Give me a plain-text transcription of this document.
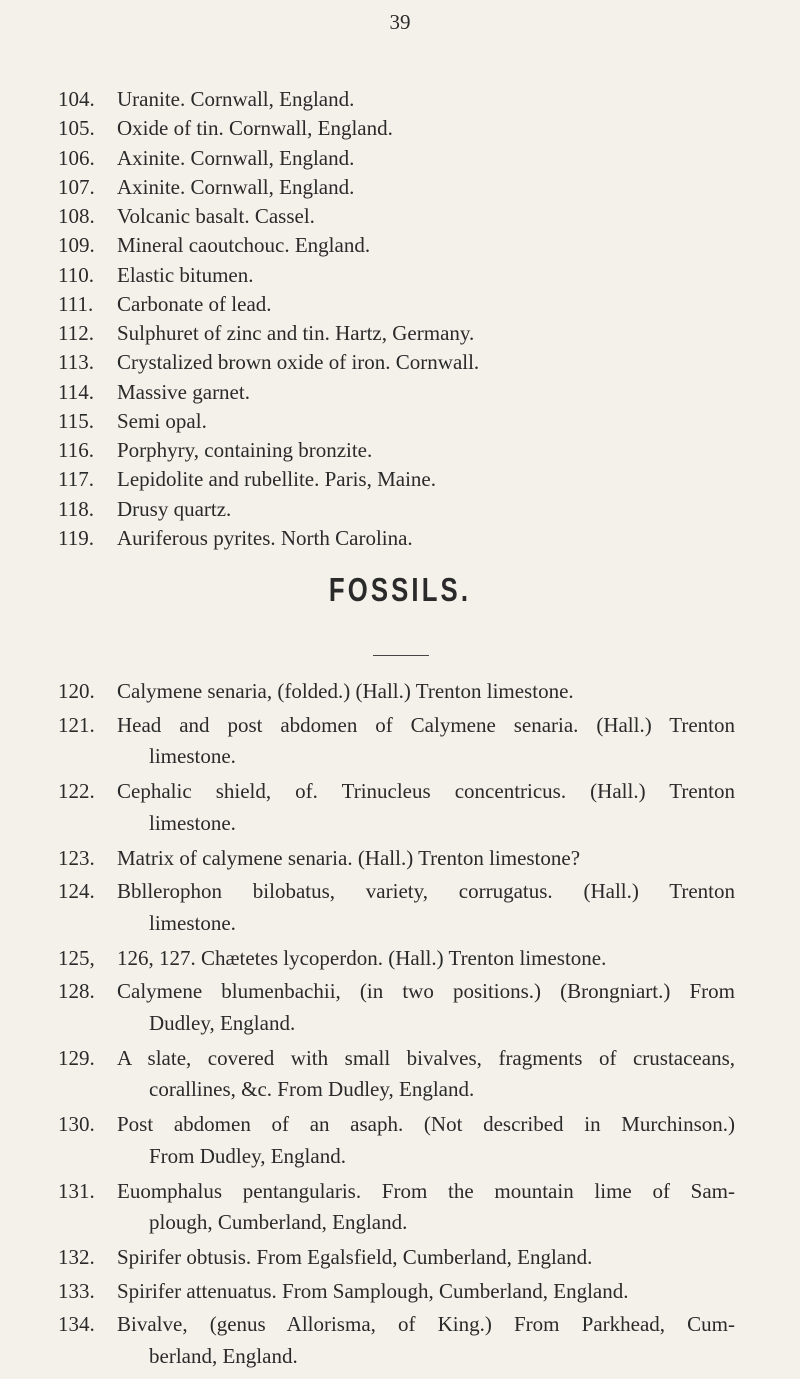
39
104. Uranite. Cornwall, England.
105. Oxide of tin. Cornwall, England.
106. Axinite. Cornwall, England.
107. Axinite. Cornwall, England.
108. Volcanic basalt. Cassel.
109. Mineral caoutchouc. England.
110. Elastic bitumen.
111. Carbonate of lead.
112. Sulphuret of zinc and tin. Hartz, Germany.
113. Crystalized brown oxide of iron. Cornwall.
114. Massive garnet.
115. Semi opal.
116. Porphyry, containing bronzite.
117. Lepidolite and rubellite. Paris, Maine.
118. Drusy quartz.
119. Auriferous pyrites. North Carolina.
FOSSILS.
120. Calymene senaria, (folded.) (Hall.) Trenton limestone.
121. Head and post abdomen of Calymene senaria. (Hall.) Trenton
limestone.
122. Cephalic shield, of. Trinucleus concentricus. (Hall.) Trenton
limestone.
123. Matrix of calymene senaria. (Hall.) Trenton limestone?
124. Bbllerophon bilobatus, variety, corrugatus. (Hall.) Trenton
limestone.
125, 126, 127. Chætetes lycoperdon. (Hall.) Trenton limestone.
128. Calymene blumenbachii, (in two positions.) (Brongniart.) From
Dudley, England.
129. A slate, covered with small bivalves, fragments of crustaceans,
corallines, &c. From Dudley, England.
130. Post abdomen of an asaph. (Not described in Murchinson.)
From Dudley, England.
131. Euomphalus pentangularis. From the mountain lime of Sam-
plough, Cumberland, England.
132. Spirifer obtusis. From Egalsfield, Cumberland, England.
133. Spirifer attenuatus. From Samplough, Cumberland, England.
134. Bivalve, (genus Allorisma, of King.) From Parkhead, Cum-
berland, England.
